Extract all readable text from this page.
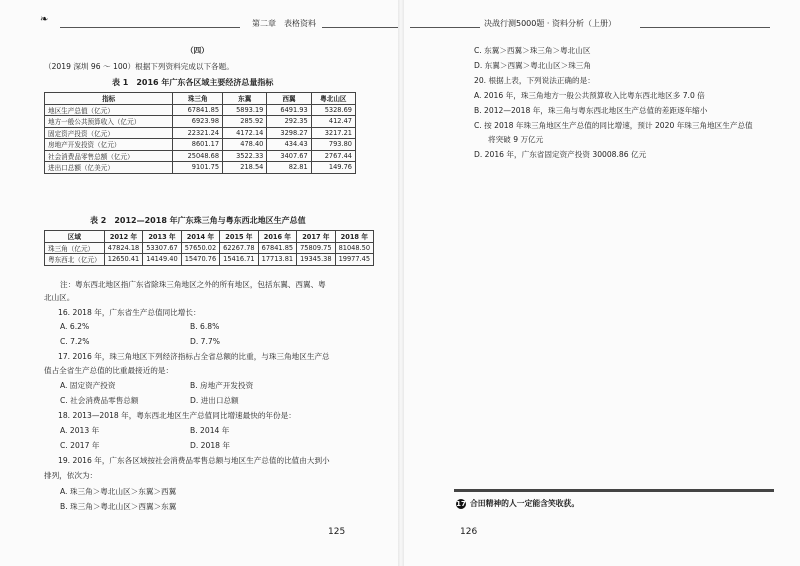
❧	第二章　表格资料
（四）
（2019 深圳 96 ～ 100）根据下列资料完成以下各题。
表 1　2016 年广东各区域主要经济总量指标
指标	珠三角	东翼	西翼	粤北山区
地区生产总值（亿元）	67841.85	5893.19	6491.93	5328.69
地方一般公共预算收入（亿元）	6923.98	285.92	292.35	412.47
固定资产投资（亿元）	22321.24	4172.14	3298.27	3217.21
房地产开发投资（亿元）	8601.17	478.40	434.43	793.80
社会消费品零售总额（亿元）	25048.68	3522.33	3407.67	2767.44
进出口总额（亿美元）	9101.75	218.54	82.81	149.76
表 2　2012—2018 年广东珠三角与粤东西北地区生产总值
区域	2012 年	2013 年	2014 年	2015 年	2016 年	2017 年	2018 年
珠三角（亿元）	47824.18	53307.67	57650.02	62267.78	67841.85	75809.75	81048.50
粤东西北（亿元）	12650.41	14149.40	15470.76	15416.71	17713.81	19345.38	19977.45
注：粤东西北地区指广东省除珠三角地区之外的所有地区，包括东翼、西翼、粤
北山区。
16. 2018 年，广东省生产总值同比增长：
A. 6.2%	B. 6.8%
C. 7.2%	D. 7.7%
17. 2016 年，珠三角地区下列经济指标占全省总额的比重，与珠三角地区生产总
值占全省生产总值的比重最接近的是：
A. 固定资产投资	B. 房地产开发投资
C. 社会消费品零售总额	D. 进出口总额
18. 2013—2018 年，粤东西北地区生产总值同比增速最快的年份是：
A. 2013 年	B. 2014 年
C. 2017 年	D. 2018 年
19. 2016 年，广东各区域按社会消费品零售总额与地区生产总值的比值由大到小
排列，依次为：
A. 珠三角＞粤北山区＞东翼＞西翼
B. 珠三角＞粤北山区＞西翼＞东翼
125
决战行测5000题 · 资料分析（上册）
C. 东翼＞西翼＞珠三角＞粤北山区
D. 东翼＞西翼＞粤北山区＞珠三角
20. 根据上表，下列说法正确的是：
A. 2016 年，珠三角地方一般公共预算收入比粤东西北地区多 7.0 倍
B. 2012—2018 年，珠三角与粤东西北地区生产总值的差距逐年缩小
C. 按 2018 年珠三角地区生产总值的同比增速，预计 2020 年珠三角地区生产总值
将突破 9 万亿元
D. 2016 年，广东省固定资产投资 30008.86 亿元
17 合田精神的人一定能含笑收获。
126
